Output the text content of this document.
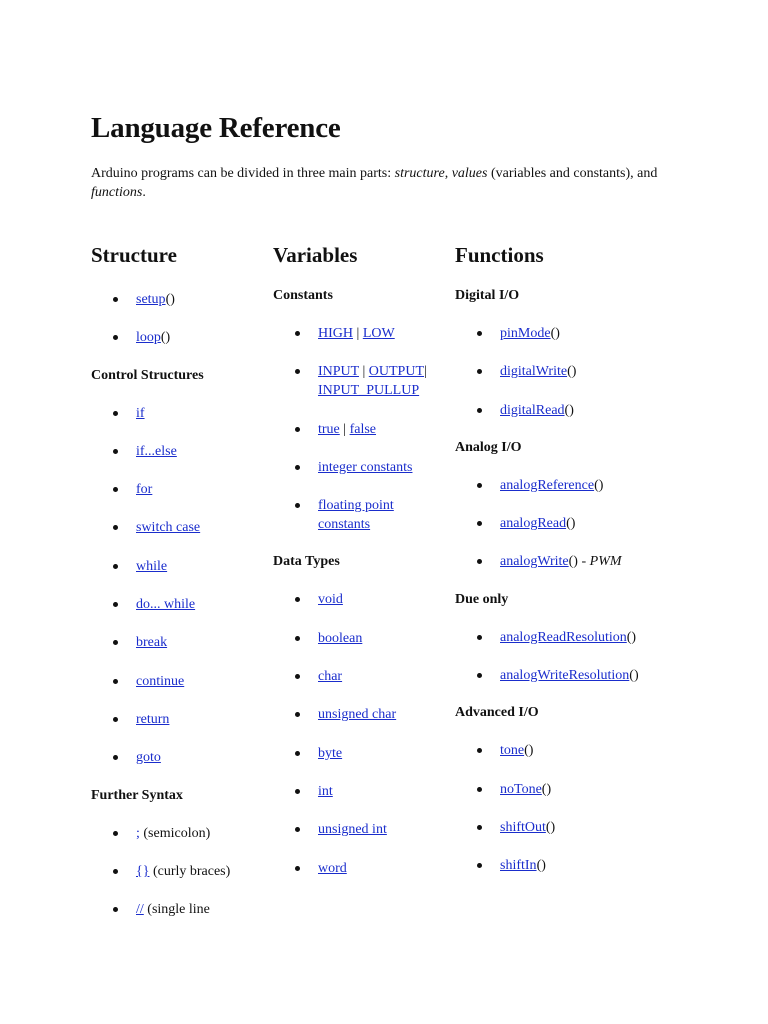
Language Reference

Arduino programs can be divided in three main parts: structure, values (variables and constants), and functions.

Structure
setup()
loop()
Control Structures
if
if...else
for
switch case
while
do... while
break
continue
return
goto
Further Syntax
; (semicolon)
{} (curly braces)
// (single line
Variables
Constants
HIGH | LOW
INPUT | OUTPUT|
INPUT_PULLUP
true | false
integer constants
floating point constants
Data Types
void
boolean
char
unsigned char
byte
int
unsigned int
word
Functions
Digital I/O
pinMode()
digitalWrite()
digitalRead()
Analog I/O
analogReference()
analogRead()
analogWrite() - PWM
Due only
analogReadResolution()
analogWriteResolution()
Advanced I/O
tone()
noTone()
shiftOut()
shiftIn()
